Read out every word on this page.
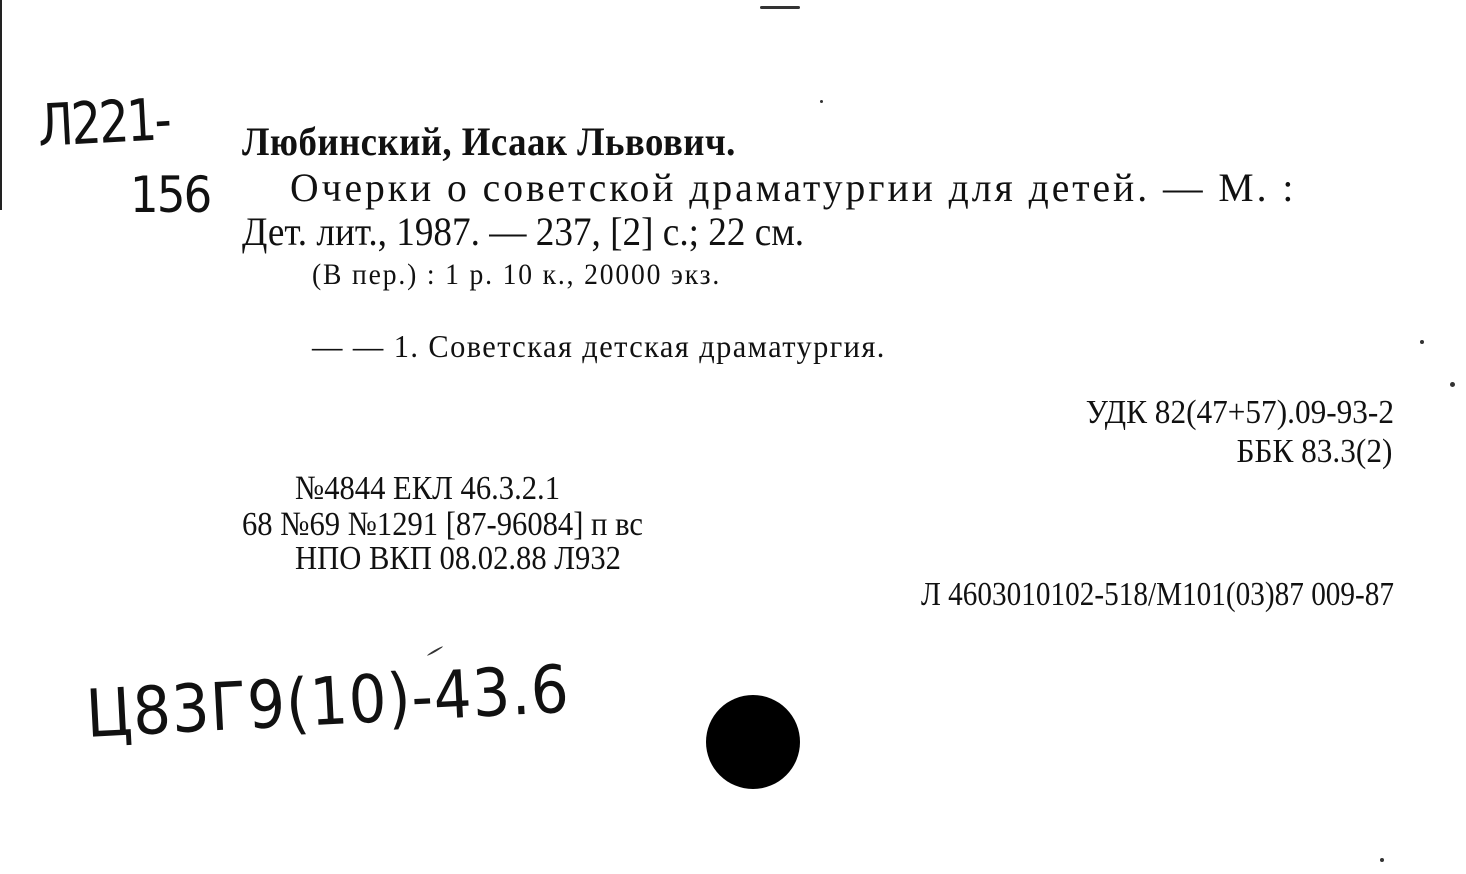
Л221-
156
Любинский, Исаак Львович.
Очерки о советской драматургии для детей. — М. :
Дет. лит., 1987. — 237, [2] с.; 22 см.
(В пер.) : 1 р. 10 к., 20000 экз.
— — 1. Советская детская драматургия.
УДК 82(47+57).09-93-2
ББК 83.3(2)
№4844 ЕКЛ 46.3.2.1
68 №69 №1291 [87-96084] п вс
НПО ВКП 08.02.88 Л932
Л 4603010102-518/М101(03)87 009-87
Ц83Г9(10)-43.6
